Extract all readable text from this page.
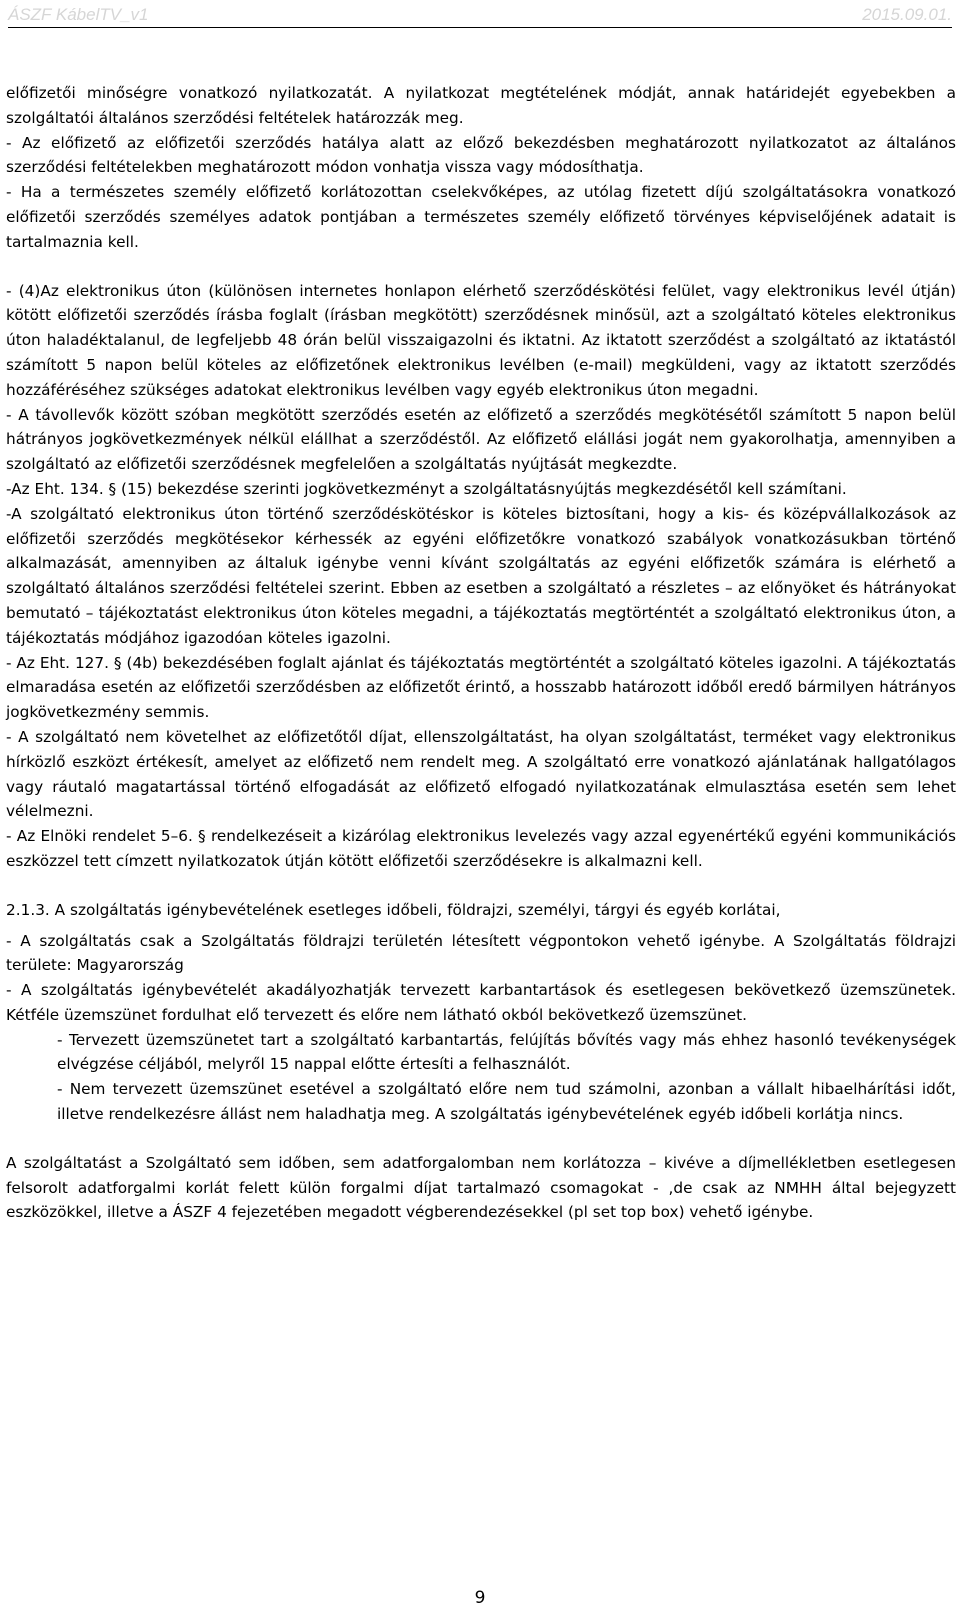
ÁSZF KábelTV_v1	2015.09.01.

előfizetői minőségre vonatkozó nyilatkozatát. A nyilatkozat megtételének módját, annak határidejét egyebekben a szolgáltatói általános szerződési feltételek határozzák meg.

- Az előfizető az előfizetői szerződés hatálya alatt az előző bekezdésben meghatározott nyilatkozatot az általános szerződési feltételekben meghatározott módon vonhatja vissza vagy módosíthatja.

- Ha a természetes személy előfizető korlátozottan cselekvőképes, az utólag fizetett díjú szolgáltatásokra vonatkozó előfizetői szerződés személyes adatok pontjában a természetes személy előfizető törvényes képviselőjének adatait is tartalmaznia kell.

- (4)Az elektronikus úton (különösen internetes honlapon elérhető szerződéskötési felület, vagy elektronikus levél útján) kötött előfizetői szerződés írásba foglalt (írásban megkötött) szerződésnek minősül, azt a szolgáltató köteles elektronikus úton haladéktalanul, de legfeljebb 48 órán belül visszaigazolni és iktatni. Az iktatott szerződést a szolgáltató az iktatástól számított 5 napon belül köteles az előfizetőnek elektronikus levélben (e-mail) megküldeni, vagy az iktatott szerződés hozzáféréséhez szükséges adatokat elektronikus levélben vagy egyéb elektronikus úton megadni.

- A távollevők között szóban megkötött szerződés esetén az előfizető a szerződés megkötésétől számított 5 napon belül hátrányos jogkövetkezmények nélkül elállhat a szerződéstől. Az előfizető elállási jogát nem gyakorolhatja, amennyiben a szolgáltató az előfizetői szerződésnek megfelelően a szolgáltatás nyújtását megkezdte.

-Az Eht. 134. § (15) bekezdése szerinti jogkövetkezményt a szolgáltatásnyújtás megkezdésétől kell számítani.

-A szolgáltató elektronikus úton történő szerződéskötéskor is köteles biztosítani, hogy a kis- és középvállalkozások az előfizetői szerződés megkötésekor kérhessék az egyéni előfizetőkre vonatkozó szabályok vonatkozásukban történő alkalmazását, amennyiben az általuk igénybe venni kívánt szolgáltatás az egyéni előfizetők számára is elérhető a szolgáltató általános szerződési feltételei szerint. Ebben az esetben a szolgáltató a részletes – az előnyöket és hátrányokat bemutató – tájékoztatást elektronikus úton köteles megadni, a tájékoztatás megtörténtét a szolgáltató elektronikus úton, a tájékoztatás módjához igazodóan köteles igazolni.

- Az Eht. 127. § (4b) bekezdésében foglalt ajánlat és tájékoztatás megtörténtét a szolgáltató köteles igazolni. A tájékoztatás elmaradása esetén az előfizetői szerződésben az előfizetőt érintő, a hosszabb határozott időből eredő bármilyen hátrányos jogkövetkezmény semmis.

- A szolgáltató nem követelhet az előfizetőtől díjat, ellenszolgáltatást, ha olyan szolgáltatást, terméket vagy elektronikus hírközlő eszközt értékesít, amelyet az előfizető nem rendelt meg. A szolgáltató erre vonatkozó ajánlatának hallgatólagos vagy ráutaló magatartással történő elfogadását az előfizető elfogadó nyilatkozatának elmulasztása esetén sem lehet vélelmezni.

- Az Elnöki rendelet 5–6. § rendelkezéseit a kizárólag elektronikus levelezés vagy azzal egyenértékű egyéni kommunikációs eszközzel tett címzett nyilatkozatok útján kötött előfizetői szerződésekre is alkalmazni kell.

2.1.3. A szolgáltatás igénybevételének esetleges időbeli, földrajzi, személyi, tárgyi és egyéb korlátai,

- A szolgáltatás csak a Szolgáltatás földrajzi területén létesített végpontokon vehető igénybe. A Szolgáltatás földrajzi területe: Magyarország

- A szolgáltatás igénybevételét akadályozhatják tervezett karbantartások és esetlegesen bekövetkező üzemszünetek. Kétféle üzemszünet fordulhat elő tervezett és előre nem látható okból bekövetkező üzemszünet.

- Tervezett üzemszünetet tart a szolgáltató karbantartás, felújítás bővítés vagy más ehhez hasonló tevékenységek elvégzése céljából, melyről 15 nappal előtte értesíti a felhasználót.

- Nem tervezett üzemszünet esetével a szolgáltató előre nem tud számolni, azonban a vállalt hibaelhárítási időt, illetve rendelkezésre állást nem haladhatja meg. A szolgáltatás igénybevételének egyéb időbeli korlátja nincs.

A szolgáltatást a Szolgáltató sem időben, sem adatforgalomban nem korlátozza – kivéve a díjmellékletben esetlegesen felsorolt adatforgalmi korlát felett külön forgalmi díjat tartalmazó csomagokat - ,de csak az NMHH által bejegyzett eszközökkel, illetve a ÁSZF 4 fejezetében megadott végberendezésekkel (pl set top box) vehető igénybe.

9
